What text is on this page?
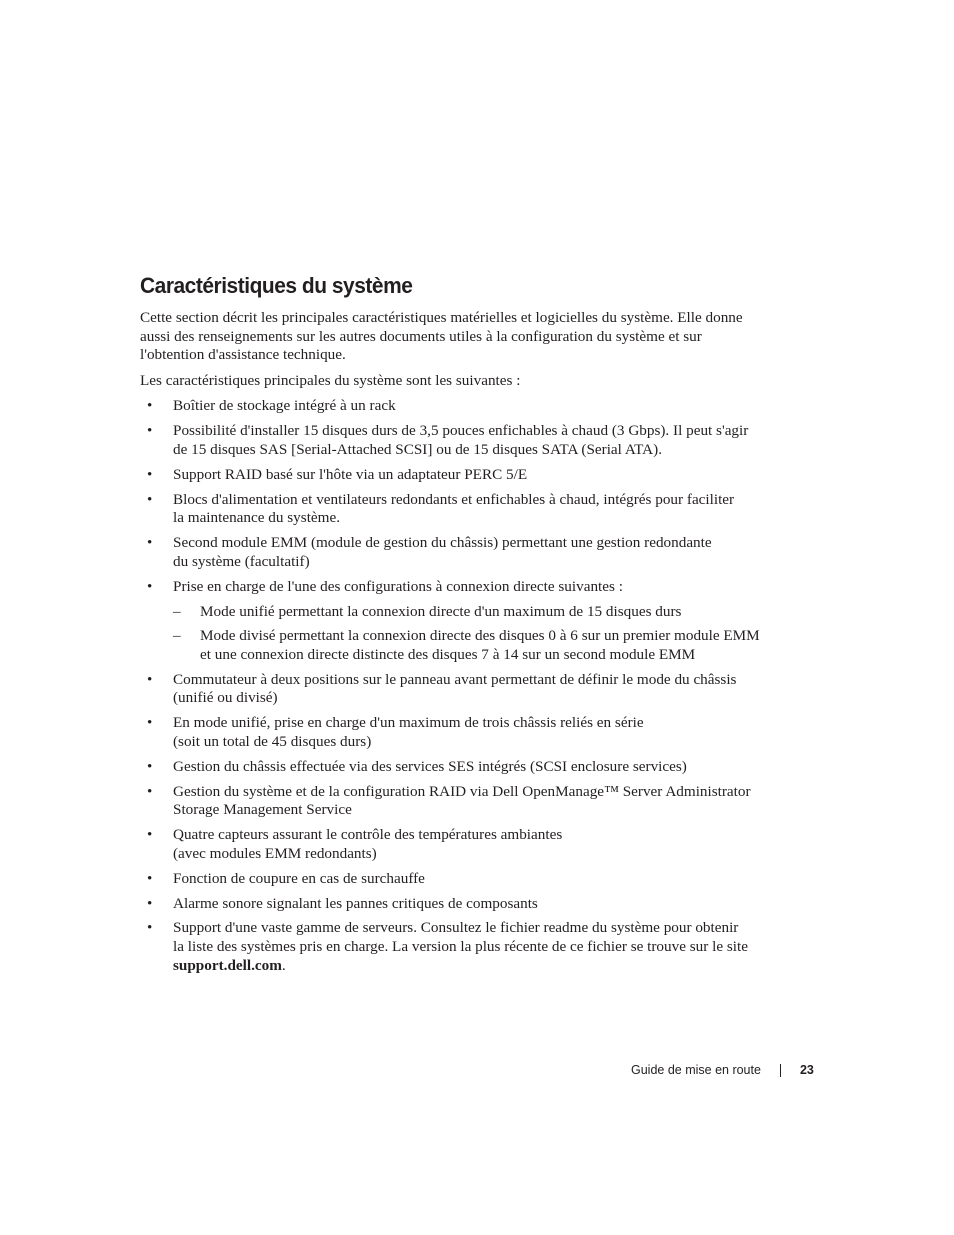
Caractéristiques du système

Cette section décrit les principales caractéristiques matérielles et logicielles du système. Elle donne
aussi des renseignements sur les autres documents utiles à la configuration du système et sur
l'obtention d'assistance technique.

Les caractéristiques principales du système sont les suivantes :

• Boîtier de stockage intégré à un rack
• Possibilité d'installer 15 disques durs de 3,5 pouces enfichables à chaud (3 Gbps). Il peut s'agir
de 15 disques SAS [Serial-Attached SCSI] ou de 15 disques SATA (Serial ATA).
• Support RAID basé sur l'hôte via un adaptateur PERC 5/E
• Blocs d'alimentation et ventilateurs redondants et enfichables à chaud, intégrés pour faciliter
la maintenance du système.
• Second module EMM (module de gestion du châssis) permettant une gestion redondante
du système (facultatif)
• Prise en charge de l'une des configurations à connexion directe suivantes :
– Mode unifié permettant la connexion directe d'un maximum de 15 disques durs
– Mode divisé permettant la connexion directe des disques 0 à 6 sur un premier module EMM
et une connexion directe distincte des disques 7 à 14 sur un second module EMM
• Commutateur à deux positions sur le panneau avant permettant de définir le mode du châssis
(unifié ou divisé)
• En mode unifié, prise en charge d'un maximum de trois châssis reliés en série
(soit un total de 45 disques durs)
• Gestion du châssis effectuée via des services SES intégrés (SCSI enclosure services)
• Gestion du système et de la configuration RAID via Dell OpenManage™ Server Administrator
Storage Management Service
• Quatre capteurs assurant le contrôle des températures ambiantes
(avec modules EMM redondants)
• Fonction de coupure en cas de surchauffe
• Alarme sonore signalant les pannes critiques de composants
• Support d'une vaste gamme de serveurs. Consultez le fichier readme du système pour obtenir
la liste des systèmes pris en charge. La version la plus récente de ce fichier se trouve sur le site
support.dell.com.
Guide de mise en route	23
